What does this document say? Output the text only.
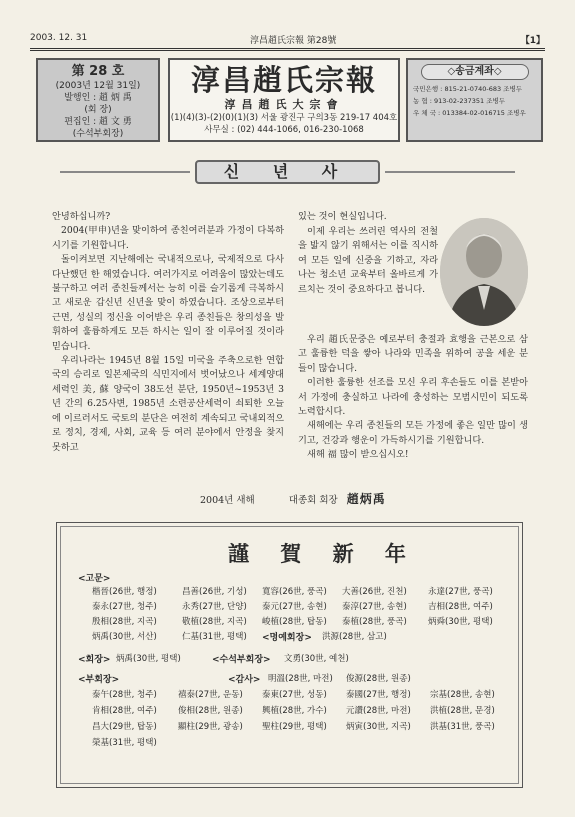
2003. 12. 31	淳昌趙氏宗報 第28號	【1】
第 28 호
(2003년 12월 31일)
발행인 : 趙 炳 禹
(회 장)
편집인 : 趙 文 勇
(수석부회장)
淳昌趙氏宗報
淳昌趙氏大宗會
(1)(4)(3)-(2)(0)(1)(3) 서울 광진구 구의3동 219-17 404호
사무실 : (02) 444-1066, 016-230-1068
◇송금계좌◇
국민은행 : 815-21-0740-683 조병두
농 협 : 913-02-237351 조병두
우 체 국 : 013384-02-016715 조병우
신 년 사

안녕하십니까?

2004(甲申)년을 맞이하여 종친여러분과 가정이 다복하시기를 기원합니다.

돌이켜보면 지난해에는 국내적으로나, 국제적으로 다사다난했던 한 해였습니다. 여러가지로 어려움이 많았는데도 불구하고 여러 종친들께서는 능히 이를 슬기롭게 극복하시고 새로운 갑신년 신년을 맞이 하였습니다. 조상으로부터 근면, 성실의 정신을 이어받은 우리 종친들은 창의성을 발휘하여 훌륭하게도 모든 하시는 일이 잘 이루어질 것이라 믿습니다.

우리나라는 1945년 8월 15일 미국을 주축으로한 연합국의 승리로 일본제국의 식민지에서 벗어났으나 세계양대세력인 美, 蘇 양국이 38도선 분단, 1950년~1953년 3년 간의 6.25사변, 1985년 소련공산세력이 쇠퇴한 오늘에 이르러서도 국토의 분단은 여전히 계속되고 국내외적으로 정치, 경제, 사회, 교육 등 여러 분야에서 안정을 찾지 못하고

있는 것이 현실입니다.

이제 우리는 쓰러린 역사의 전철을 밟지 않기 위해서는 이를 직시하여 모든 일에 신중을 기하고, 자라나는 청소년 교육부터 올바르게 가르치는 것이 중요하다고 봅니다.

우리 趙氏문중은 예로부터 충절과 효행을 근본으로 삼고 훌륭한 덕을 쌓아 나라와 민족을 위하여 공을 세운 분들이 많습니다.

이러한 훌륭한 선조를 모신 우리 후손들도 이를 본받아서 가정에 충실하고 나라에 충성하는 모범시민이 되도록 노력합시다.

새해에는 우리 종친들의 모든 가정에 좋은 일만 많이 생기고, 건강과 행운이 가득하시기를 기원합니다.

새해 福 많이 받으십시오!

2004년 새해	대종회 회장 趙炳禹
謹 賀 新 年
<고문>
楷晉(26世, 행정)	昌善(26世, 기성) 寬容(26世, 풍곡) 大善(26世, 진천) 永達(27世, 풍곡)
泰永(27世, 청주)	永秀(27世, 단양) 泰元(27世, 송현) 泰淳(27世, 송현) 吉相(28世, 여주)
殷相(28世, 지곡)	敬植(28世, 지곡) 峻植(28世, 탑동) 泰植(28世, 풍곡) 炳舜(30世, 평택)
炳禹(30世, 서산)	仁基(31世, 평택) <명예회장> 洪源(28世, 삼고)
<회장> 炳禹(30世, 평택)	<수석부회장> 文勇(30世, 예천)
<부회장>	<감사> 明溫(28世, 마전) 俊源(28世, 원종)
泰午(28世, 청주) 禧泰(27世, 운동) 泰東(27世, 성동) 泰國(27世, 행정) 宗基(28世, 송현)
肯相(28世, 여주) 俊相(28世, 원종) 興植(28世, 가수) 元讚(28世, 마전) 洪植(28世, 문경)
昌大(29世, 탑동) 顯柱(29世, 광송) 聖柱(29世, 평택) 炳寅(30世, 지곡) 洪基(31世, 풍곡)
榮基(31世, 평택)
